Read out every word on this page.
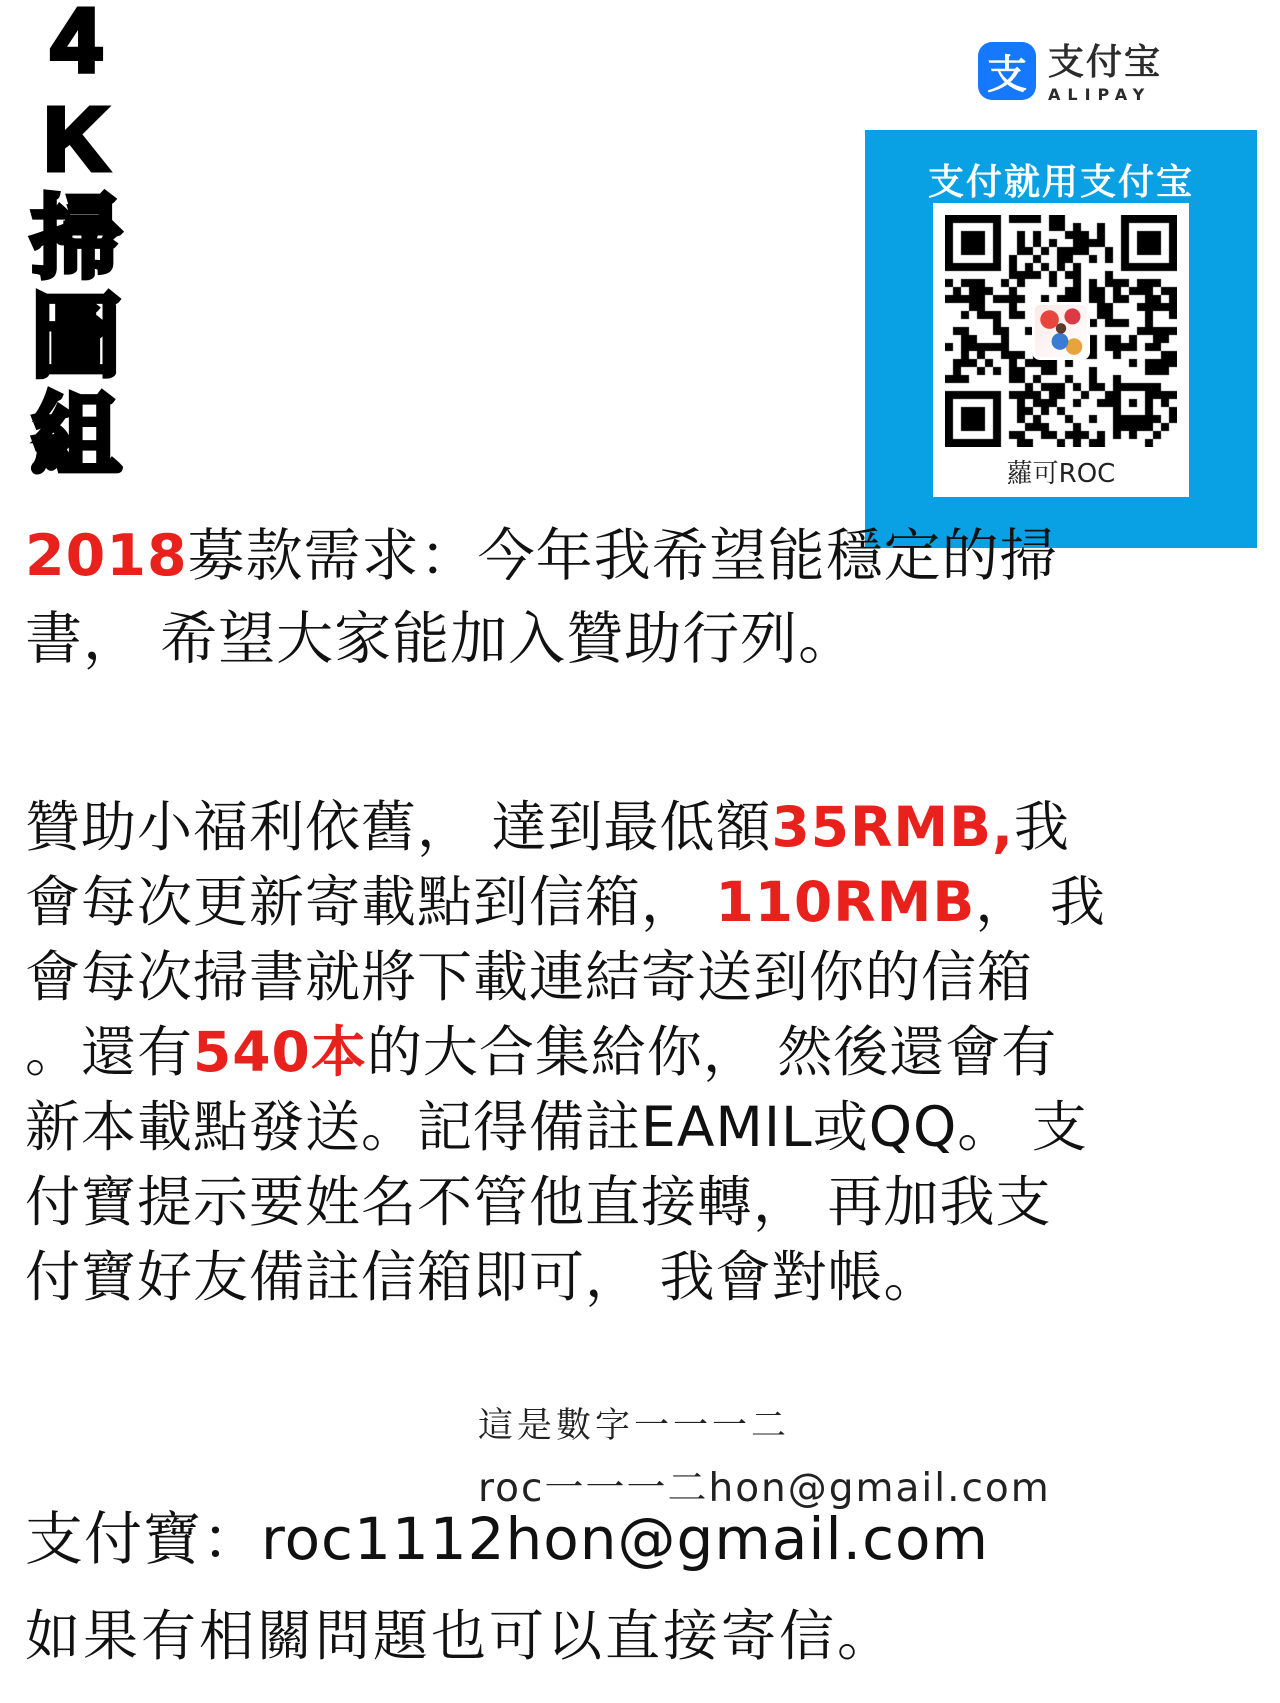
4
K
掃
圖
組
支 支付宝
ALIPAY
支付就用支付宝
蘿可ROC
2018募款需求：今年我希望能穩定的掃
書， 希望大家能加入贊助行列。
贊助小福利依舊， 達到最低額35RMB,我
會每次更新寄載點到信箱， 110RMB， 我
會每次掃書就將下載連結寄送到你的信箱
。還有540本的大合集給你， 然後還會有
新本載點發送。記得備註EAMIL或QQ。 支
付寶提示要姓名不管他直接轉， 再加我支
付寶好友備註信箱即可， 我會對帳。
這是數字一一一二
roc一一一二hon@gmail.com
支付寶：roc1112hon@gmail.com
如果有相關問題也可以直接寄信。
